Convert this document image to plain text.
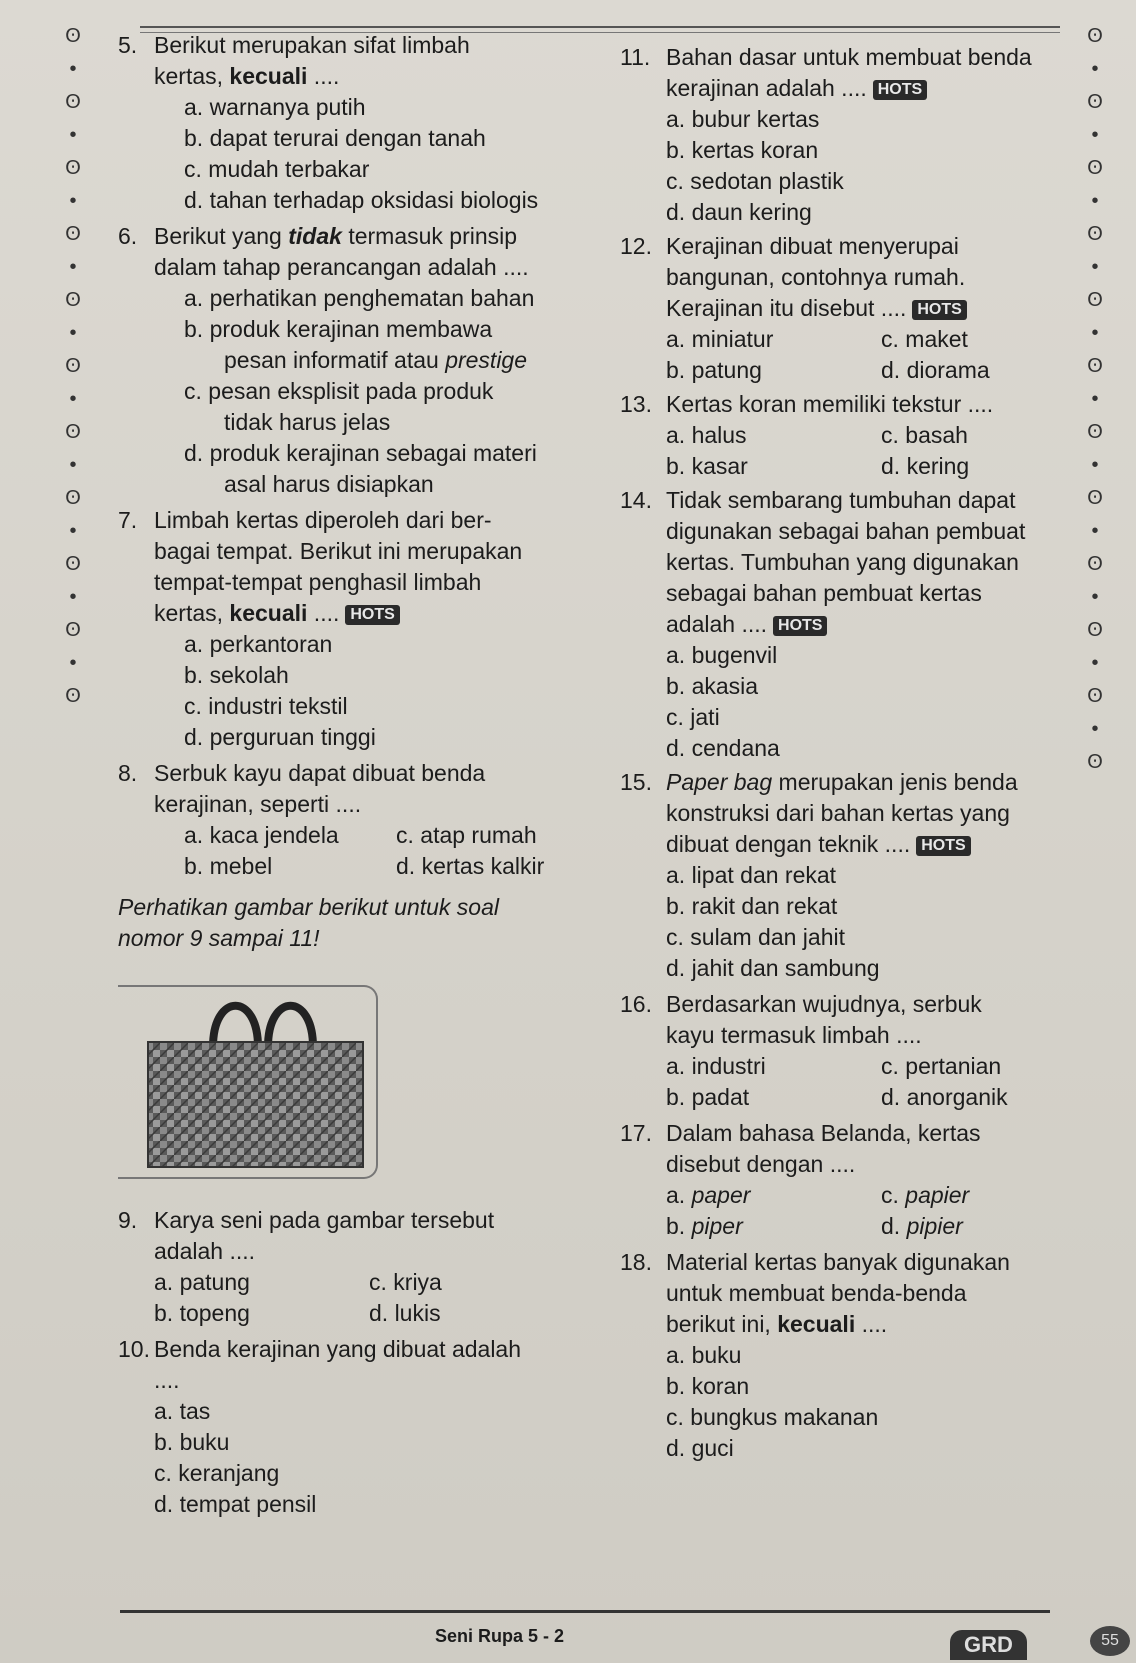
ʘ
•
ʘ
•
ʘ
•
ʘ
•
ʘ
•
ʘ
•
ʘ
•
ʘ
•
ʘ
•
ʘ
•
ʘ
ʘ
•
ʘ
•
ʘ
•
ʘ
•
ʘ
•
ʘ
•
ʘ
•
ʘ
•
ʘ
•
ʘ
•
ʘ
•
ʘ
5. Berikut merupakan sifat limbah
kertas, kecuali ....
a. warnanya putih
b. dapat terurai dengan tanah
c. mudah terbakar
d. tahan terhadap oksidasi biologis
6. Berikut yang tidak termasuk prinsip
dalam tahap perancangan adalah ....
a. perhatikan penghematan bahan
b. produk kerajinan membawa
pesan informatif atau prestige
c. pesan eksplisit pada produk
tidak harus jelas
d. produk kerajinan sebagai materi
asal harus disiapkan
7. Limbah kertas diperoleh dari ber-
bagai tempat. Berikut ini merupakan
tempat-tempat penghasil limbah
kertas, kecuali .... HOTS
a. perkantoran
b. sekolah
c. industri tekstil
d. perguruan tinggi
8. Serbuk kayu dapat dibuat benda
kerajinan, seperti ....
a. kaca jendela	c. atap rumah
b. mebel	d. kertas kalkir
Perhatikan gambar berikut untuk soal
nomor 9 sampai 11!
9. Karya seni pada gambar tersebut
adalah ....
a. patung	c. kriya
b. topeng	d. lukis
10. Benda kerajinan yang dibuat adalah
....
a. tas
b. buku
c. keranjang
d. tempat pensil
11. Bahan dasar untuk membuat benda
kerajinan adalah .... HOTS
a. bubur kertas
b. kertas koran
c. sedotan plastik
d. daun kering
12. Kerajinan dibuat menyerupai
bangunan, contohnya rumah.
Kerajinan itu disebut .... HOTS
a. miniatur	c. maket
b. patung	d. diorama
13. Kertas koran memiliki tekstur ....
a. halus	c. basah
b. kasar	d. kering
14. Tidak sembarang tumbuhan dapat
digunakan sebagai bahan pembuat
kertas. Tumbuhan yang digunakan
sebagai bahan pembuat kertas
adalah .... HOTS
a. bugenvil
b. akasia
c. jati
d. cendana
15. Paper bag merupakan jenis benda
konstruksi dari bahan kertas yang
dibuat dengan teknik .... HOTS
a. lipat dan rekat
b. rakit dan rekat
c. sulam dan jahit
d. jahit dan sambung
16. Berdasarkan wujudnya, serbuk
kayu termasuk limbah ....
a. industri	c. pertanian
b. padat	d. anorganik
17. Dalam bahasa Belanda, kertas
disebut dengan ....
a. paper	c. papier
b. piper	d. pipier
18. Material kertas banyak digunakan
untuk membuat benda-benda
berikut ini, kecuali ....
a. buku
b. koran
c. bungkus makanan
d. guci
Seni Rupa 5 - 2	GRD	55
